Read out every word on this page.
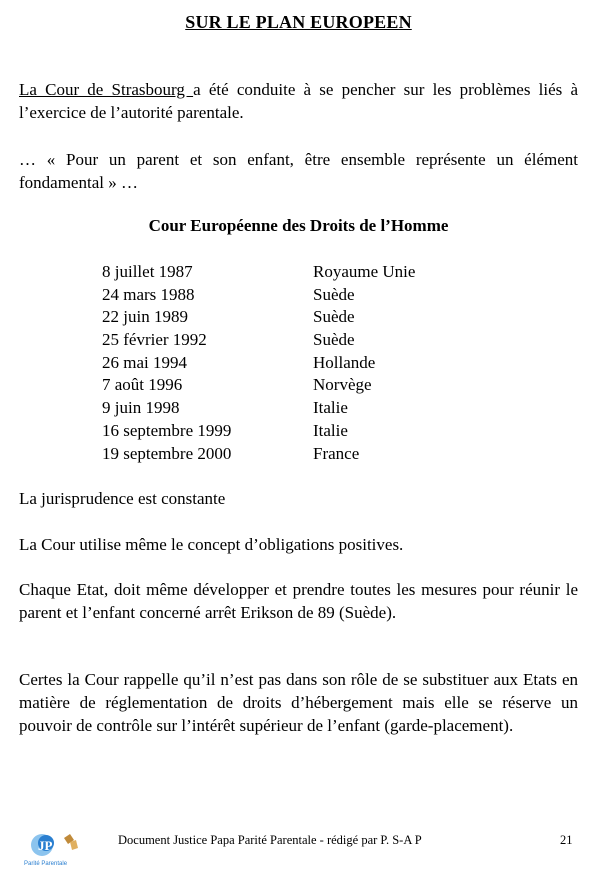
SUR LE PLAN EUROPEEN
La Cour de Strasbourg a été conduite à se pencher sur les problèmes liés à l’exercice de l’autorité parentale.
… « Pour un parent et son enfant, être ensemble représente un élément fondamental » …
Cour Européenne des Droits de l’Homme
8 juillet 1987	Royaume Unie
24 mars 1988	Suède
22 juin 1989	Suède
25 février 1992	Suède
26 mai 1994	Hollande
7 août 1996	Norvège
9 juin 1998	Italie
16 septembre 1999	Italie
19 septembre 2000	France
La jurisprudence est constante
La Cour utilise même le concept d’obligations positives.
Chaque Etat, doit même développer et prendre toutes les mesures pour réunir le parent et l’enfant concerné arrêt Erikson de 89 (Suède).
Certes la Cour rappelle qu’il n’est pas dans son rôle de se substituer aux Etats en matière de réglementation de droits d’hébergement mais elle se réserve un pouvoir de contrôle sur l’intérêt supérieur de l’enfant (garde-placement).
JP
Parité Parentale
Document Justice Papa Parité Parentale - rédigé par P. S-A P	21
